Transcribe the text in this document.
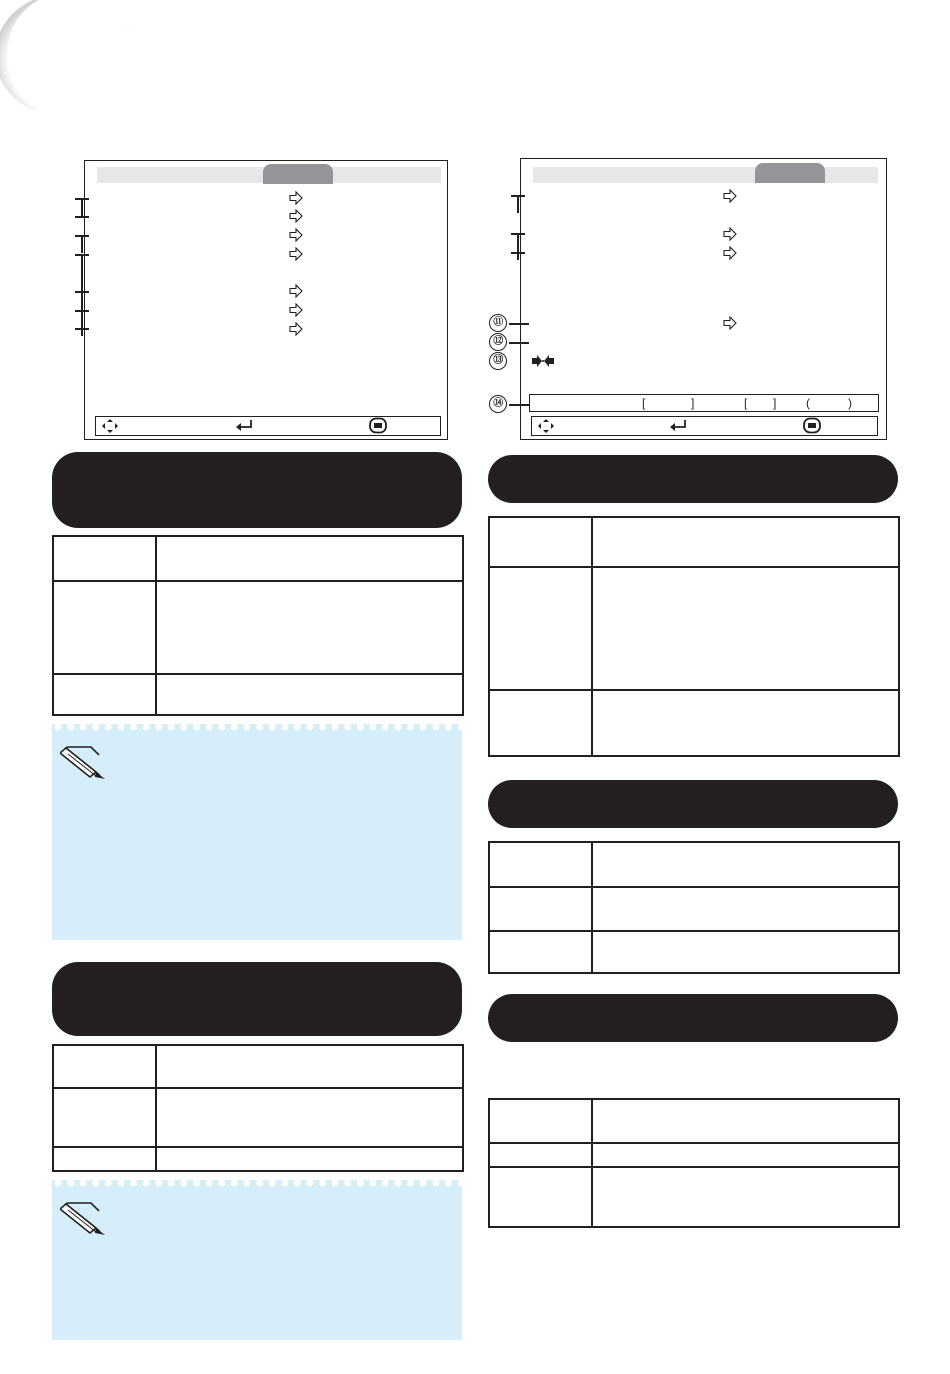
⑪
⑫
⑬
⑭	[	]	[ ] (	)
